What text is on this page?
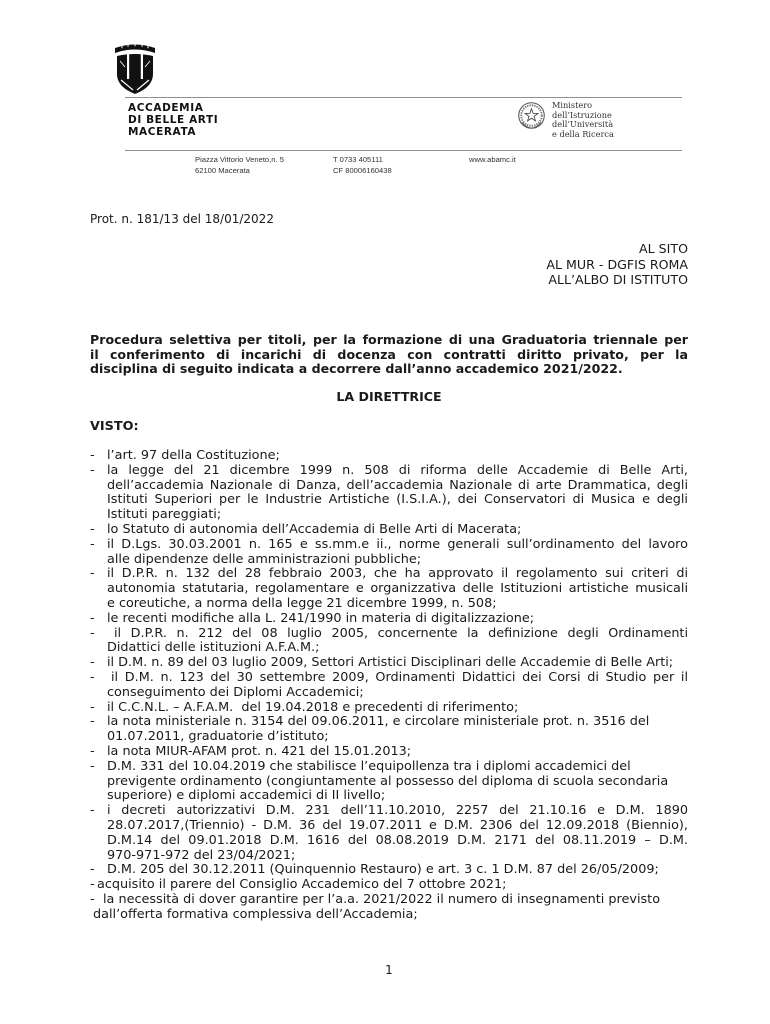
ACCADEMIA
DI BELLE ARTI
MACERATA
Ministero
dell’Istruzione
dell’Università
e della Ricerca
Piazza Vittorio Veneto,n. 5
62100 Macerata
T 0733 405111
CF 80006160438
www.abamc.it
Prot. n. 181/13 del 18/01/2022
AL SITO
AL MUR - DGFIS ROMA
ALL’ALBO DI ISTITUTO
Procedura selettiva per titoli, per la formazione di una Graduatoria triennale per
il conferimento di incarichi di docenza con contratti diritto privato, per la
disciplina di seguito indicata a decorrere dall’anno accademico 2021/2022.
LA DIRETTRICE
VISTO:
- l’art. 97 della Costituzione;
- la legge del 21 dicembre 1999 n. 508 di riforma delle Accademie di Belle Arti,
dell’accademia Nazionale di Danza, dell’accademia Nazionale di arte Drammatica, degli
Istituti Superiori per le Industrie Artistiche (I.S.I.A.), dei Conservatori di Musica e degli
Istituti pareggiati;
- lo Statuto di autonomia dell’Accademia di Belle Arti di Macerata;
- il D.Lgs. 30.03.2001 n. 165 e ss.mm.e ii., norme generali sull’ordinamento del lavoro
alle dipendenze delle amministrazioni pubbliche;
- il D.P.R. n. 132 del 28 febbraio 2003, che ha approvato il regolamento sui criteri di
autonomia statutaria, regolamentare e organizzativa delle Istituzioni artistiche musicali
e coreutiche, a norma della legge 21 dicembre 1999, n. 508;
- le recenti modifiche alla L. 241/1990 in materia di digitalizzazione;
- il D.P.R. n. 212 del 08 luglio 2005, concernente la definizione degli Ordinamenti
Didattici delle istituzioni A.F.A.M.;
- il D.M. n. 89 del 03 luglio 2009, Settori Artistici Disciplinari delle Accademie di Belle Arti;
- il D.M. n. 123 del 30 settembre 2009, Ordinamenti Didattici dei Corsi di Studio per il
conseguimento dei Diplomi Accademici;
- il C.C.N.L. – A.F.A.M.  del 19.04.2018 e precedenti di riferimento;
- la nota ministeriale n. 3154 del 09.06.2011, e circolare ministeriale prot. n. 3516 del
01.07.2011, graduatorie d’istituto;
- la nota MIUR-AFAM prot. n. 421 del 15.01.2013;
- D.M. 331 del 10.04.2019 che stabilisce l’equipollenza tra i diplomi accademici del
previgente ordinamento (congiuntamente al possesso del diploma di scuola secondaria
superiore) e diplomi accademici di II livello;
- i decreti autorizzativi D.M. 231 dell’11.10.2010, 2257 del 21.10.16 e D.M. 1890
28.07.2017,(Triennio) - D.M. 36 del 19.07.2011 e D.M. 2306 del 12.09.2018 (Biennio),
D.M.14 del 09.01.2018 D.M. 1616 del 08.08.2019 D.M. 2171 del 08.11.2019 – D.M.
970-971-972 del 23/04/2021;
- D.M. 205 del 30.12.2011 (Quinquennio Restauro) e art. 3 c. 1 D.M. 87 del 26/05/2009;
- acquisito il parere del Consiglio Accademico del 7 ottobre 2021;
- la necessità di dover garantire per l’a.a. 2021/2022 il numero di insegnamenti previsto
dall’offerta formativa complessiva dell’Accademia;
1
